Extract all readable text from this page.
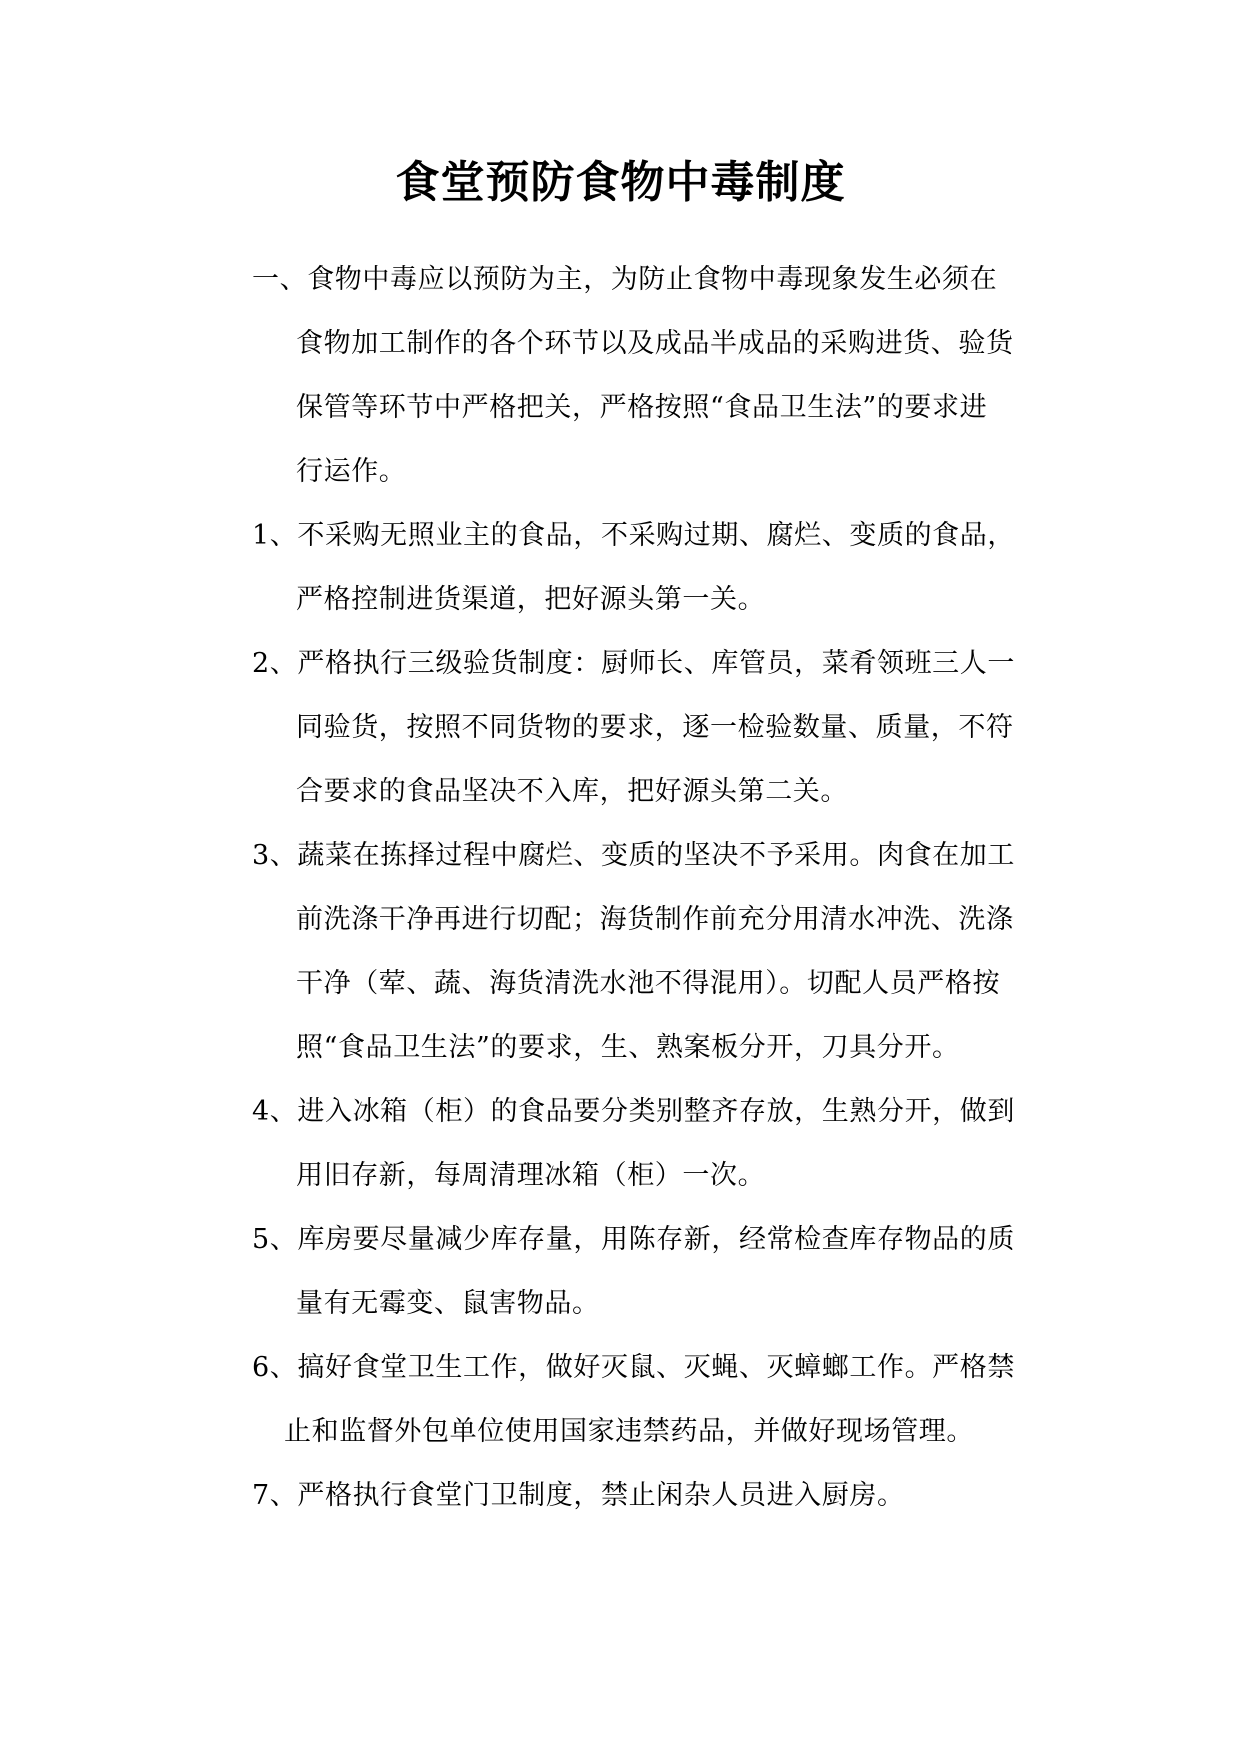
食堂预防食物中毒制度
一、食物中毒应以预防为主，为防止食物中毒现象发生必须在
食物加工制作的各个环节以及成品半成品的采购进货、验货
保管等环节中严格把关，严格按照“食品卫生法”的要求进
行运作。
1、不采购无照业主的食品，不采购过期、腐烂、变质的食品，
严格控制进货渠道，把好源头第一关。
2、严格执行三级验货制度：厨师长、库管员，菜肴领班三人一
同验货，按照不同货物的要求，逐一检验数量、质量，不符
合要求的食品坚决不入库，把好源头第二关。
3、蔬菜在拣择过程中腐烂、变质的坚决不予采用。肉食在加工
前洗涤干净再进行切配；海货制作前充分用清水冲洗、洗涤
干净（荤、蔬、海货清洗水池不得混用）。切配人员严格按
照“食品卫生法”的要求，生、熟案板分开，刀具分开。
4、进入冰箱（柜）的食品要分类别整齐存放，生熟分开，做到
用旧存新，每周清理冰箱（柜）一次。
5、库房要尽量减少库存量，用陈存新，经常检查库存物品的质
量有无霉变、鼠害物品。
6、搞好食堂卫生工作，做好灭鼠、灭蝇、灭蟑螂工作。严格禁
止和监督外包单位使用国家违禁药品，并做好现场管理。
7、严格执行食堂门卫制度，禁止闲杂人员进入厨房。
